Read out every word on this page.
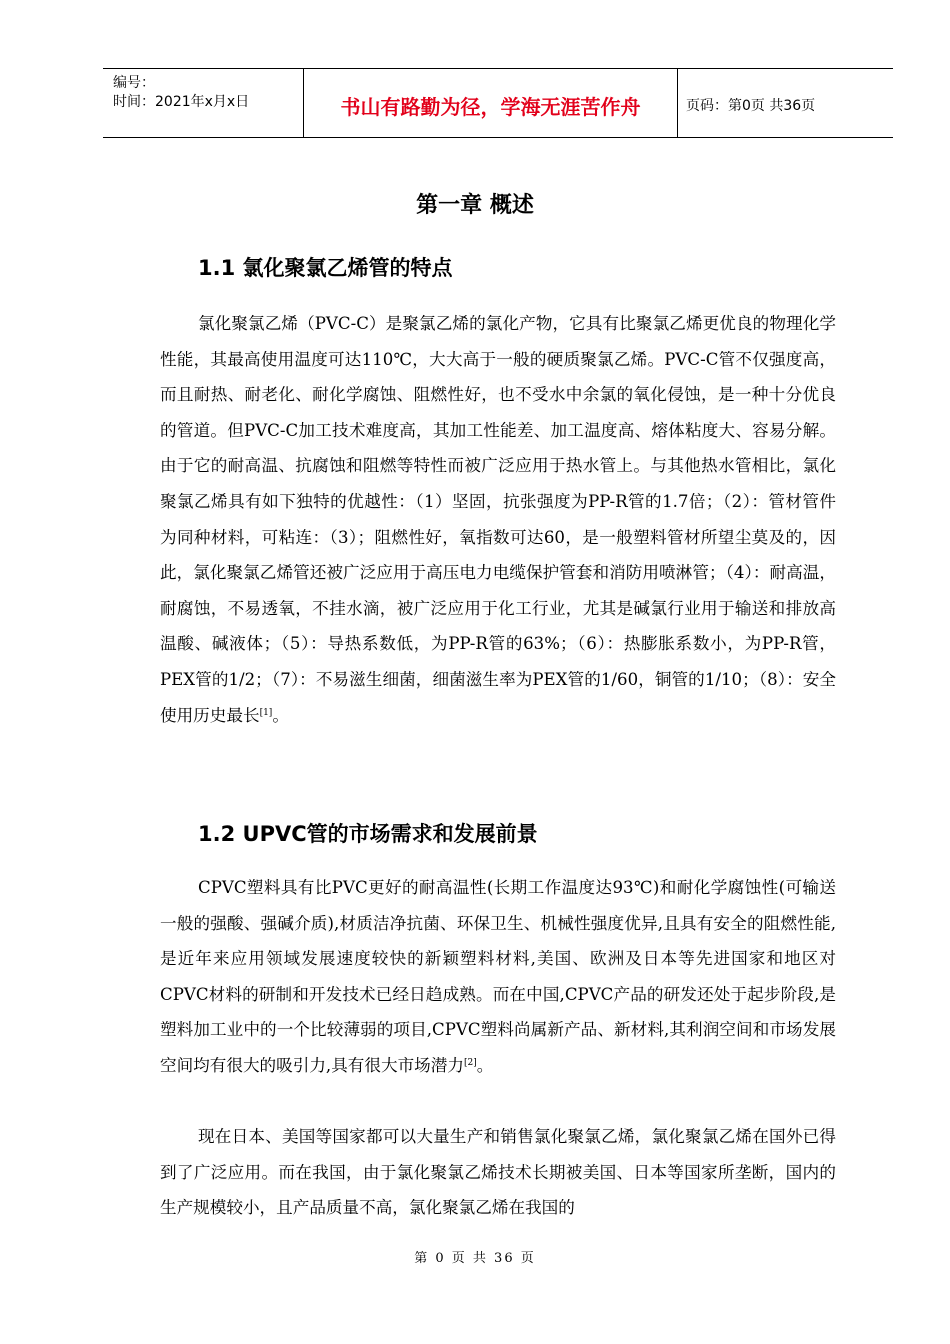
编号：
时间：2021年x月x日	书山有路勤为径，学海无涯苦作舟	页码：第0页 共36页
第一章 概述
1.1 氯化聚氯乙烯管的特点

氯化聚氯乙烯（PVC-C）是聚氯乙烯的氯化产物，它具有比聚氯乙烯更优良的物理化学性能，其最高使用温度可达110℃，大大高于一般的硬质聚氯乙烯。PVC-C管不仅强度高，而且耐热、耐老化、耐化学腐蚀、阻燃性好，也不受水中余氯的氧化侵蚀，是一种十分优良的管道。但PVC-C加工技术难度高，其加工性能差、加工温度高、熔体粘度大、容易分解。由于它的耐高温、抗腐蚀和阻燃等特性而被广泛应用于热水管上。与其他热水管相比，氯化聚氯乙烯具有如下独特的优越性：（1）坚固，抗张强度为PP-R管的1.7倍；（2）：管材管件为同种材料，可粘连：（3）；阻燃性好，氧指数可达60，是一般塑料管材所望尘莫及的，因此，氯化聚氯乙烯管还被广泛应用于高压电力电缆保护管套和消防用喷淋管；（4）：耐高温，耐腐蚀，不易透氧，不挂水滴，被广泛应用于化工行业，尤其是碱氯行业用于输送和排放高温酸、碱液体；（5）：导热系数低，为PP-R管的63%；（6）：热膨胀系数小，为PP-R管，PEX管的1/2；（7）：不易滋生细菌，细菌滋生率为PEX管的1/60，铜管的1/10；（8）：安全使用历史最长[1]。

1.2 UPVC管的市场需求和发展前景

CPVC塑料具有比PVC更好的耐高温性(长期工作温度达93℃)和耐化学腐蚀性(可输送一般的强酸、强碱介质),材质洁净抗菌、环保卫生、机械性强度优异,且具有安全的阻燃性能,是近年来应用领域发展速度较快的新颖塑料材料,美国、欧洲及日本等先进国家和地区对CPVC材料的研制和开发技术已经日趋成熟。而在中国,CPVC产品的研发还处于起步阶段,是塑料加工业中的一个比较薄弱的项目,CPVC塑料尚属新产品、新材料,其利润空间和市场发展空间均有很大的吸引力,具有很大市场潜力[2]。

现在日本、美国等国家都可以大量生产和销售氯化聚氯乙烯，氯化聚氯乙烯在国外已得到了广泛应用。而在我国，由于氯化聚氯乙烯技术长期被美国、日本等国家所垄断，国内的生产规模较小，且产品质量不高，氯化聚氯乙烯在我国的

第 0 页 共 36 页
